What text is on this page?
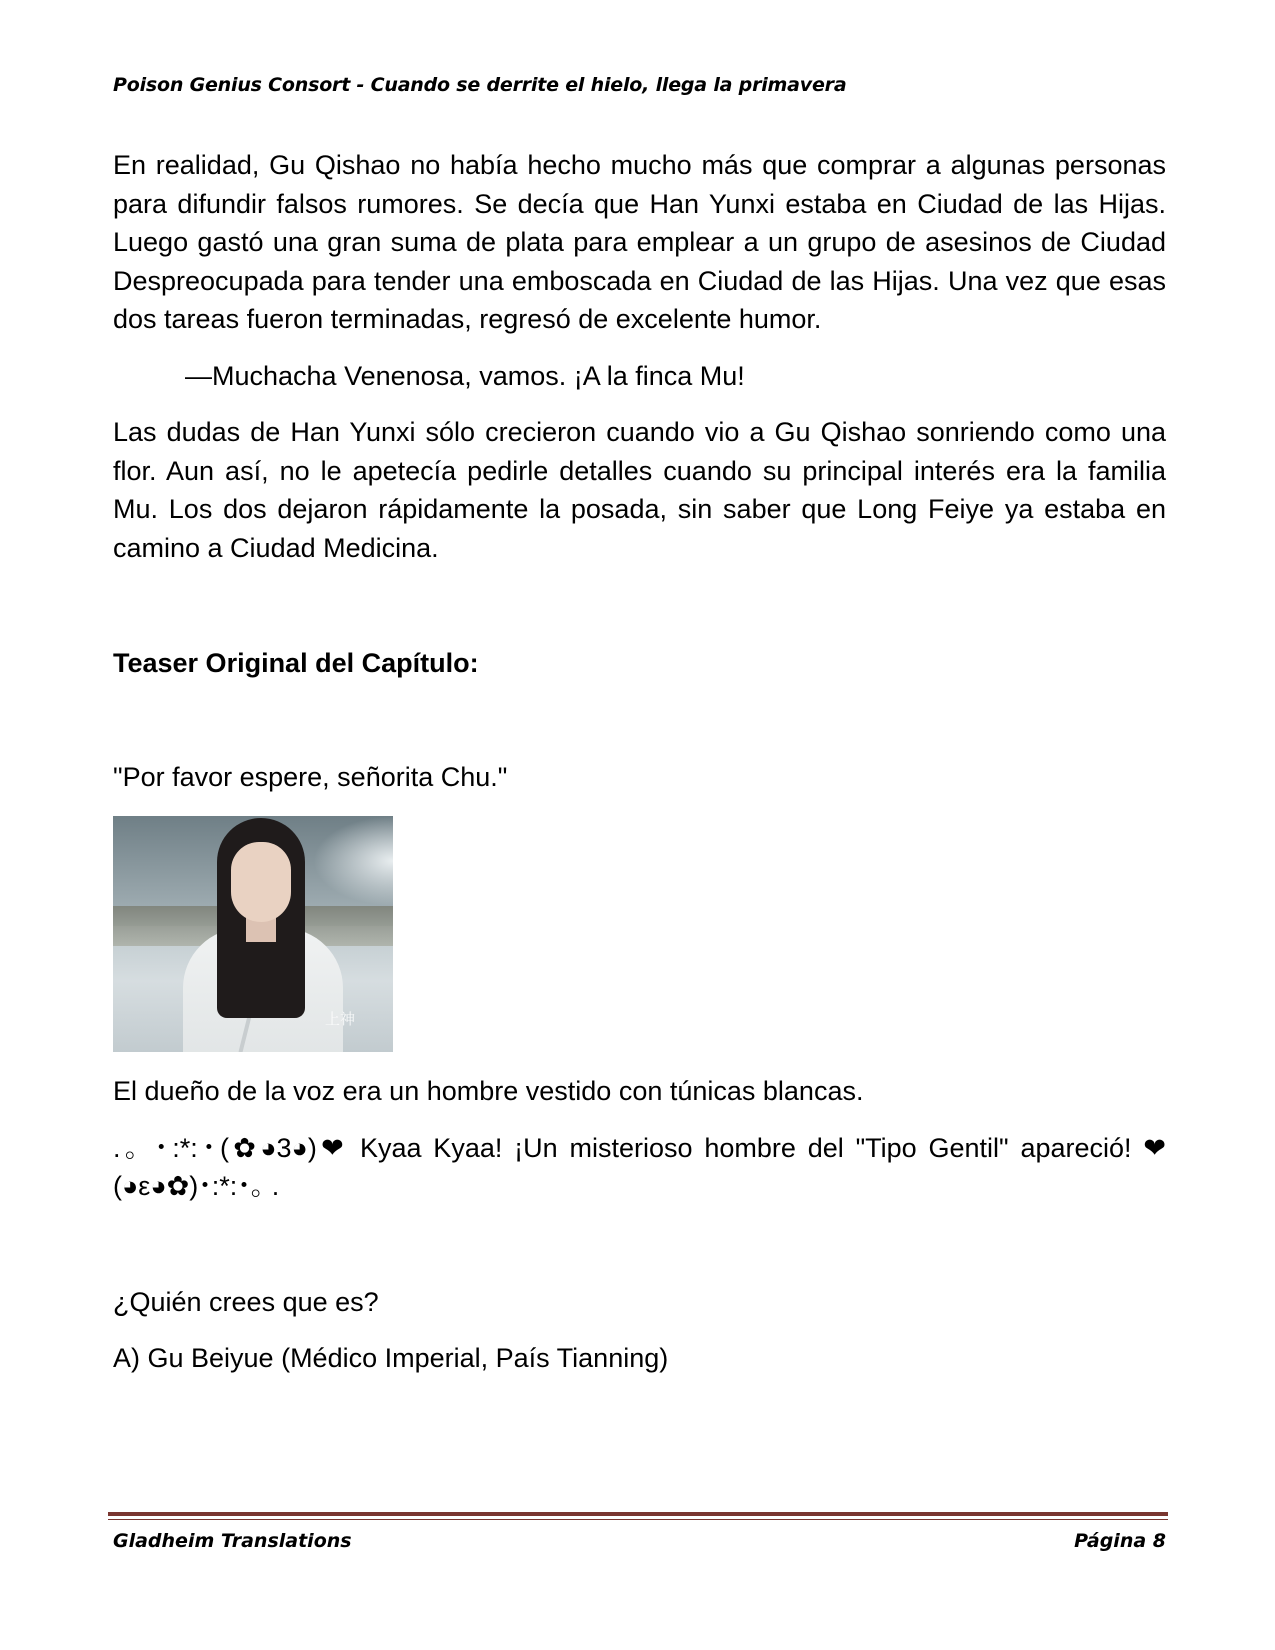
Poison Genius Consort - Cuando se derrite el hielo, llega la primavera

En realidad, Gu Qishao no había hecho mucho más que comprar a algunas personas para difundir falsos rumores. Se decía que Han Yunxi estaba en Ciudad de las Hijas. Luego gastó una gran suma de plata para emplear a un grupo de asesinos de Ciudad Despreocupada para tender una emboscada en Ciudad de las Hijas. Una vez que esas dos tareas fueron terminadas, regresó de excelente humor.

—Muchacha Venenosa, vamos. ¡A la finca Mu!

Las dudas de Han Yunxi sólo crecieron cuando vio a Gu Qishao sonriendo como una flor. Aun así, no le apetecía pedirle detalles cuando su principal interés era la familia Mu. Los dos dejaron rápidamente la posada, sin saber que Long Feiye ya estaba en camino a Ciudad Medicina.

Teaser Original del Capítulo:

"Por favor espere, señorita Chu."

上神

El dueño de la voz era un hombre vestido con túnicas blancas.

.｡ ･:*:･(✿◕3◕)❤ Kyaa Kyaa! ¡Un misterioso hombre del "Tipo Gentil" apareció! ❤(◕ε◕✿)･:*:･｡ .

¿Quién crees que es?

A) Gu Beiyue (Médico Imperial, País Tianning)

Gladheim Translations	Página 8
